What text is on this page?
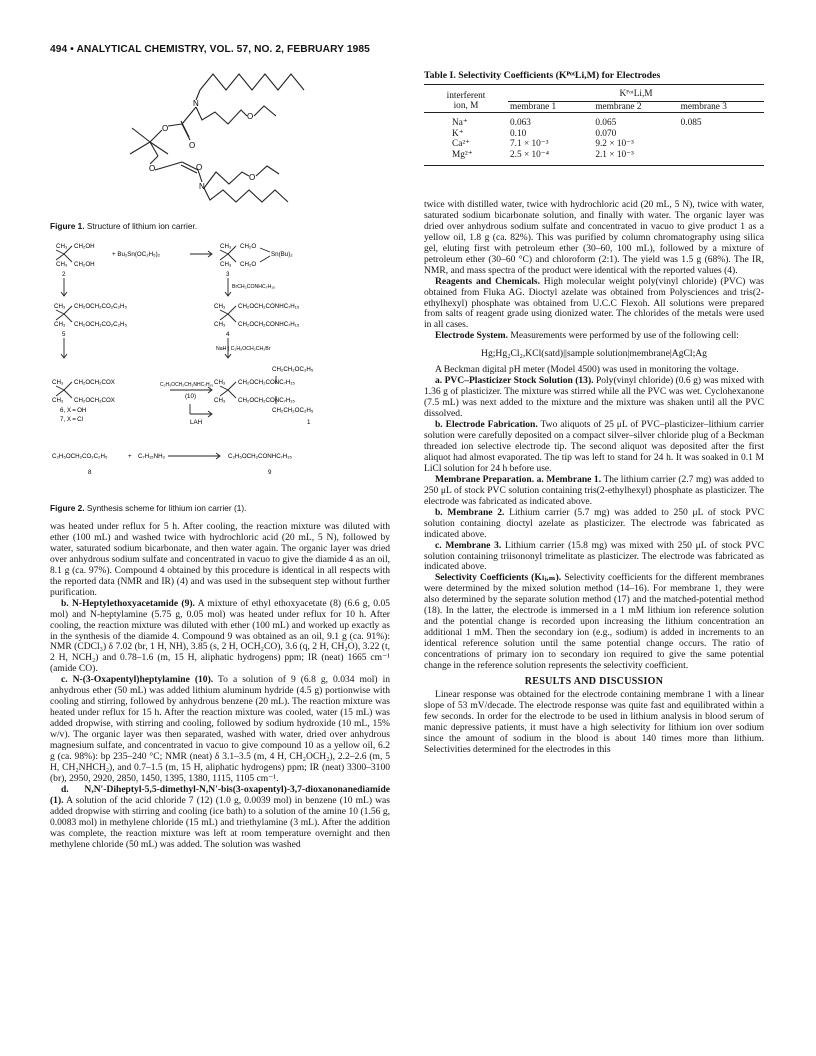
494 • ANALYTICAL CHEMISTRY, VOL. 57, NO. 2, FEBRUARY 1985
N
O
O
O
O	O
N
O
Figure 1. Structure of lithium ion carrier.
CH₃ CH₂OH
CH₃ CH₂OH
+ Bu₂Sn(OC₂H₅)₂
CH₃ CH₂O
CH₃ CH₂O
Sn(Bu)₂
2	3
BrCH₂CONHC₇H₁₅
CH₃ CH₂OCH₂CO₂C₂H₅
CH₃ CH₂OCH₂CO₂C₂H₅
CH₃ CH₂OCH₂CONHC₇H₁₅
CH₃ CH₂OCH₂CONHC₇H₁₅
5	4
NaH | C₂H₅OCH₂CH₂Br
CH₂CH₂OC₂H₅
CH₃ CH₂OCH₂COX
CH₃ CH₂OCH₂COX
C₂H₅OCH₂CH₂NHC₇H₁₅
(10)
CH₃ CH₂OCH₂CONC₇H₁₅
CH₃ CH₂OCH₂CONC₇H₁₅
CH₂CH₂OC₂H₅
6, X = OH
7, X = Cl	LAH	1
C₂H₅OCH₂CO₂C₂H₅	+ C₇H₁₅NH₂	C₂H₅OCH₂CONHC₇H₁₅
8	9
Figure 2. Synthesis scheme for lithium ion carrier (1).

was heated under reflux for 5 h. After cooling, the reaction mixture was diluted with ether (100 mL) and washed twice with hydrochloric acid (20 mL, 5 N), followed by water, saturated sodium bicarbonate, and then water again. The organic layer was dried over anhydrous sodium sulfate and concentrated in vacuo to give the diamide 4 as an oil, 8.1 g (ca. 97%). Compound 4 obtained by this procedure is identical in all respects with the reported data (NMR and IR) (4) and was used in the subsequent step without further purification.

b. N-Heptylethoxyacetamide (9). A mixture of ethyl ethoxyacetate (8) (6.6 g, 0.05 mol) and N-heptylamine (5.75 g, 0.05 mol) was heated under reflux for 10 h. After cooling, the reaction mixture was diluted with ether (100 mL) and worked up exactly as in the synthesis of the diamide 4. Compound 9 was obtained as an oil, 9.1 g (ca. 91%): NMR (CDCl₃) δ 7.02 (br, 1 H, NH), 3.85 (s, 2 H, OCH₂CO), 3.6 (q, 2 H, CH₂O), 3.22 (t, 2 H, NCH₂) and 0.78–1.6 (m, 15 H, aliphatic hydrogens) ppm; IR (neat) 1665 cm⁻¹ (amide CO).

c. N-(3-Oxapentyl)heptylamine (10). To a solution of 9 (6.8 g, 0.034 mol) in anhydrous ether (50 mL) was added lithium aluminum hydride (4.5 g) portionwise with cooling and stirring, followed by anhydrous benzene (20 mL). The reaction mixture was heated under reflux for 15 h. After the reaction mixture was cooled, water (15 mL) was added dropwise, with stirring and cooling, followed by sodium hydroxide (10 mL, 15% w/v). The organic layer was then separated, washed with water, dried over anhydrous magnesium sulfate, and concentrated in vacuo to give compound 10 as a yellow oil, 6.2 g (ca. 98%): bp 235–240 °C; NMR (neat) δ 3.1–3.5 (m, 4 H, CH₂OCH₂), 2.2–2.6 (m, 5 H, CH₂NHCH₂), and 0.7–1.5 (m, 15 H, aliphatic hydrogens) ppm; IR (neat) 3300–3100 (br), 2950, 2920, 2850, 1450, 1395, 1380, 1115, 1105 cm⁻¹.

d. N,N′-Diheptyl-5,5-dimethyl-N,N′-bis(3-oxapentyl)-3,7-dioxanonanediamide (1). A solution of the acid chloride 7 (12) (1.0 g, 0.0039 mol) in benzene (10 mL) was added dropwise with stirring and cooling (ice bath) to a solution of the amine 10 (1.56 g, 0.0083 mol) in methylene chloride (15 mL) and triethylamine (3 mL). After the addition was complete, the reaction mixture was left at room temperature overnight and then methylene chloride (50 mL) was added. The solution was washed

Table I. Selectivity Coefficients (KᴾᵒᵗLi,M) for Electrodes
interferent	KᴾᵒᵗLi,M		
ion, M	membrane 1	membrane 2	membrane 3

Na⁺	0.063	0.065	0.085
K⁺	0.10	0.070	
Ca²⁺	7.1 × 10⁻³	9.2 × 10⁻³	
Mg²⁺	2.5 × 10⁻⁴	2.1 × 10⁻³	

twice with distilled water, twice with hydrochloric acid (20 mL, 5 N), twice with water, saturated sodium bicarbonate solution, and finally with water. The organic layer was dried over anhydrous sodium sulfate and concentrated in vacuo to give product 1 as a yellow oil, 1.8 g (ca. 82%). This was purified by column chromatography using silica gel, eluting first with petroleum ether (30–60, 100 mL), followed by a mixture of petroleum ether (30–60 °C) and chloroform (2:1). The yield was 1.5 g (68%). The IR, NMR, and mass spectra of the product were identical with the reported values (4).

Reagents and Chemicals. High molecular weight poly(vinyl chloride) (PVC) was obtained from Fluka AG. Dioctyl azelate was obtained from Polysciences and tris(2-ethylhexyl) phosphate was obtained from U.C.C Flexoh. All solutions were prepared from salts of reagent grade using dionized water. The chlorides of the metals were used in all cases.

Electrode System. Measurements were performed by use of the following cell:

Hg;Hg₂Cl₂,KCl(satd)||sample solution|membrane|AgCl;Ag

A Beckman digital pH meter (Model 4500) was used in monitoring the voltage.

a. PVC–Plasticizer Stock Solution (13). Poly(vinyl chloride) (0.6 g) was mixed with 1.36 g of plasticizer. The mixture was stirred while all the PVC was wet. Cyclohexanone (7.5 mL) was next added to the mixture and the mixture was shaken until all the PVC dissolved.

b. Electrode Fabrication. Two aliquots of 25 μL of PVC–plasticizer–lithium carrier solution were carefully deposited on a compact silver–silver chloride plug of a Beckman threaded ion selective electrode tip. The second aliquot was deposited after the first aliquot had almost evaporated. The tip was left to stand for 24 h. It was soaked in 0.1 M LiCl solution for 24 h before use.

Membrane Preparation. a. Membrane 1. The lithium carrier (2.7 mg) was added to 250 μL of stock PVC solution containing tris(2-ethylhexyl) phosphate as plasticizer. The electrode was fabricated as indicated above.

b. Membrane 2. Lithium carrier (5.7 mg) was added to 250 μL of stock PVC solution containing dioctyl azelate as plasticizer. The electrode was fabricated as indicated above.

c. Membrane 3. Lithium carrier (15.8 mg) was mixed with 250 μL of stock PVC solution containing triisononyl trimelitate as plasticizer. The electrode was fabricated as indicated above.

Selectivity Coefficients (Kₗᵢ,ₘ). Selectivity coefficients for the different membranes were determined by the mixed solution method (14–16). For membrane 1, they were also determined by the separate solution method (17) and the matched-potential method (18). In the latter, the electrode is immersed in a 1 mM lithium ion reference solution and the potential change is recorded upon increasing the lithium concentration an additional 1 mM. Then the secondary ion (e.g., sodium) is added in increments to an identical reference solution until the same potential change occurs. The ratio of concentrations of primary ion to secondary ion required to give the same potential change in the reference solution represents the selectivity coefficient.

RESULTS AND DISCUSSION

Linear response was obtained for the electrode containing membrane 1 with a linear slope of 53 mV/decade. The electrode response was quite fast and equilibrated within a few seconds. In order for the electrode to be used in lithium analysis in blood serum of manic depressive patients, it must have a high selectivity for lithium ion over sodium since the amount of sodium in the blood is about 140 times more than lithium. Selectivities determined for the electrodes in this
